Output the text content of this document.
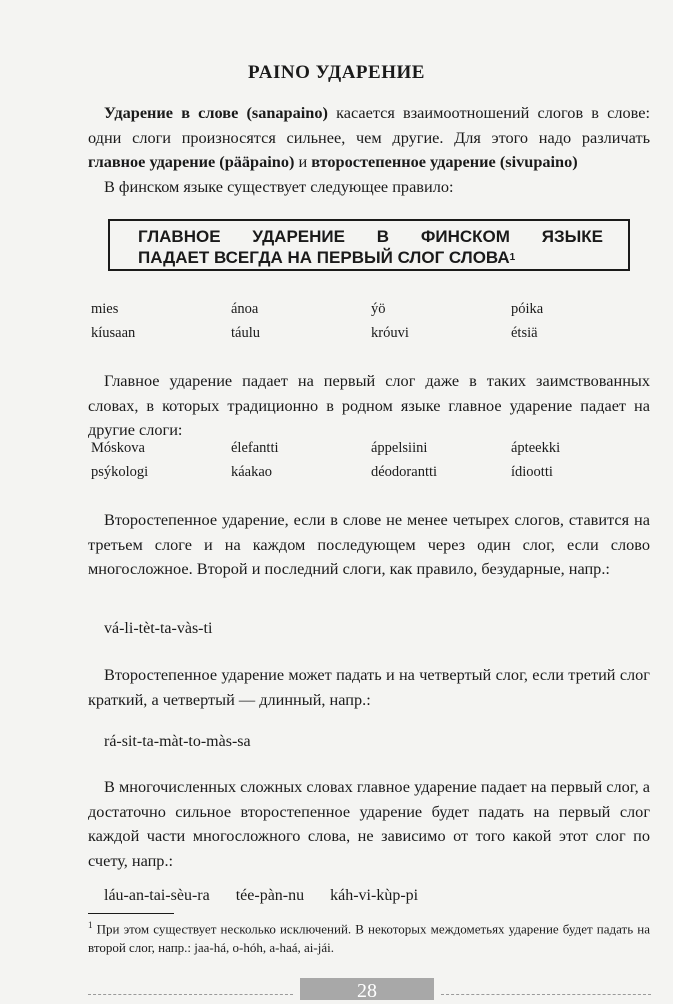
PAINO УДАРЕНИЕ
Ударение в слове (sanapaino) касается взаимоотношений слогов в слове: одни слоги произносятся сильнее, чем другие. Для этого надо различать главное ударение (pääpaino) и второстепенное ударение (sivupaino)
В финском языке существует следующее правило:
ГЛАВНОЕ УДАРЕНИЕ В ФИНСКОМ ЯЗЫКЕ
ПАДАЕТ ВСЕГДА НА ПЕРВЫЙ СЛОГ СЛОВА$^1$
mies	ánoa	ýö	póika
kíusaan	táulu	króuvi	étsiä
Главное ударение падает на первый слог даже в таких заимствованных словах, в которых традиционно в родном языке главное ударение падает на другие слоги:
Móskova	élefantti	áppelsiini	ápteekki
psýkologi	káakao	déodorantti	ídiootti
Второстепенное ударение, если в слове не менее четырех слогов, ставится на третьем слоге и на каждом последующем через один слог, если слово многосложное. Второй и последний слоги, как правило, безударные, напр.:
vá-li-tèt-ta-vàs-ti
Второстепенное ударение может падать и на четвертый слог, если третий слог краткий, а четвертый — длинный, напр.:
rá-sit-ta-màt-to-màs-sa
В многочисленных сложных словах главное ударение падает на первый слог, а достаточно сильное второстепенное ударение будет падать на первый слог каждой части многосложного слова, не зависимо от того какой этот слог по счету, напр.:
láu-an-tai-sèu-ra tée-pàn-nu káh-vi-kùp-pi
$^1$ При этом существует несколько исключений. В некоторых междометьях ударение будет падать на второй слог, напр.: jaa-há, o-hóh, a-haá, ai-jái.
28
